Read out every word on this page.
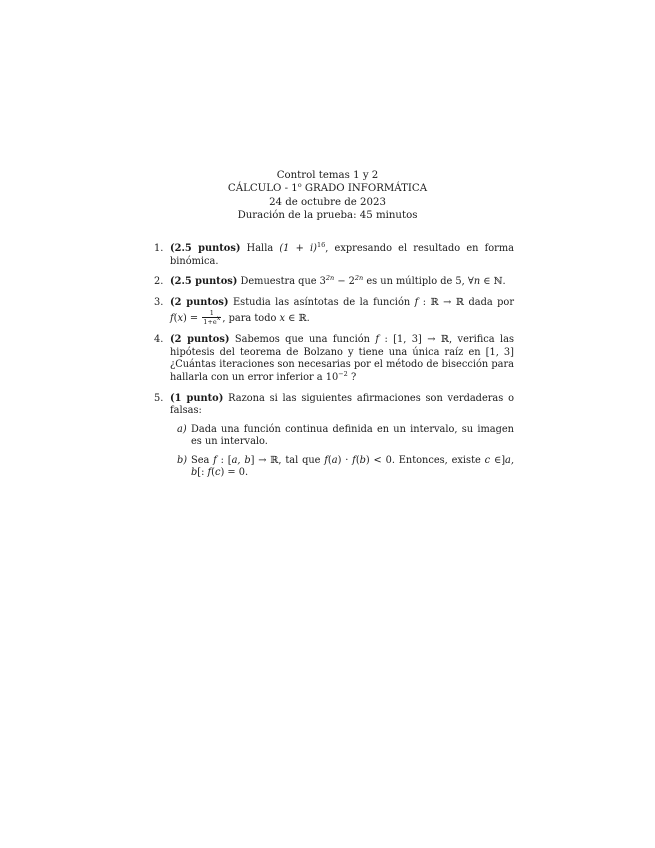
Control temas 1 y 2
CÁLCULO - 1$^o$ GRADO INFORMÁTICA
24 de octubre de 2023
Duración de la prueba: 45 minutos
1. (2.5 puntos) Halla $(1 + i)^{16}$, expresando el resultado en forma binómica.
2. (2.5 puntos) Demuestra que $3^{2n} - 2^{2n}$ es un múltiplo de 5, ∀n ∈ ℕ.
3. (2 puntos) Estudia las asíntotas de la función f : ℝ → ℝ dada por $f(x) = \frac{1}{1+e^x}$ , para todo x ∈ ℝ.
4. (2 puntos) Sabemos que una función f : [1, 3] → ℝ, verifica las hipótesis del teorema de Bolzano y tiene una única raíz en [1, 3] ¿Cuántas iteraciones son necesarias por el método de bisección para hallarla con un error inferior a $10^{-2}$ ?
5. (1 punto) Razona si las siguientes afirmaciones son verdaderas o falsas:
a) Dada una función continua definida en un intervalo, su imagen es un intervalo.
b) Sea f : [a, b] → ℝ, tal que f(a) · f(b) < 0. Entonces, existe c ∈]a, b[: f(c) = 0.
